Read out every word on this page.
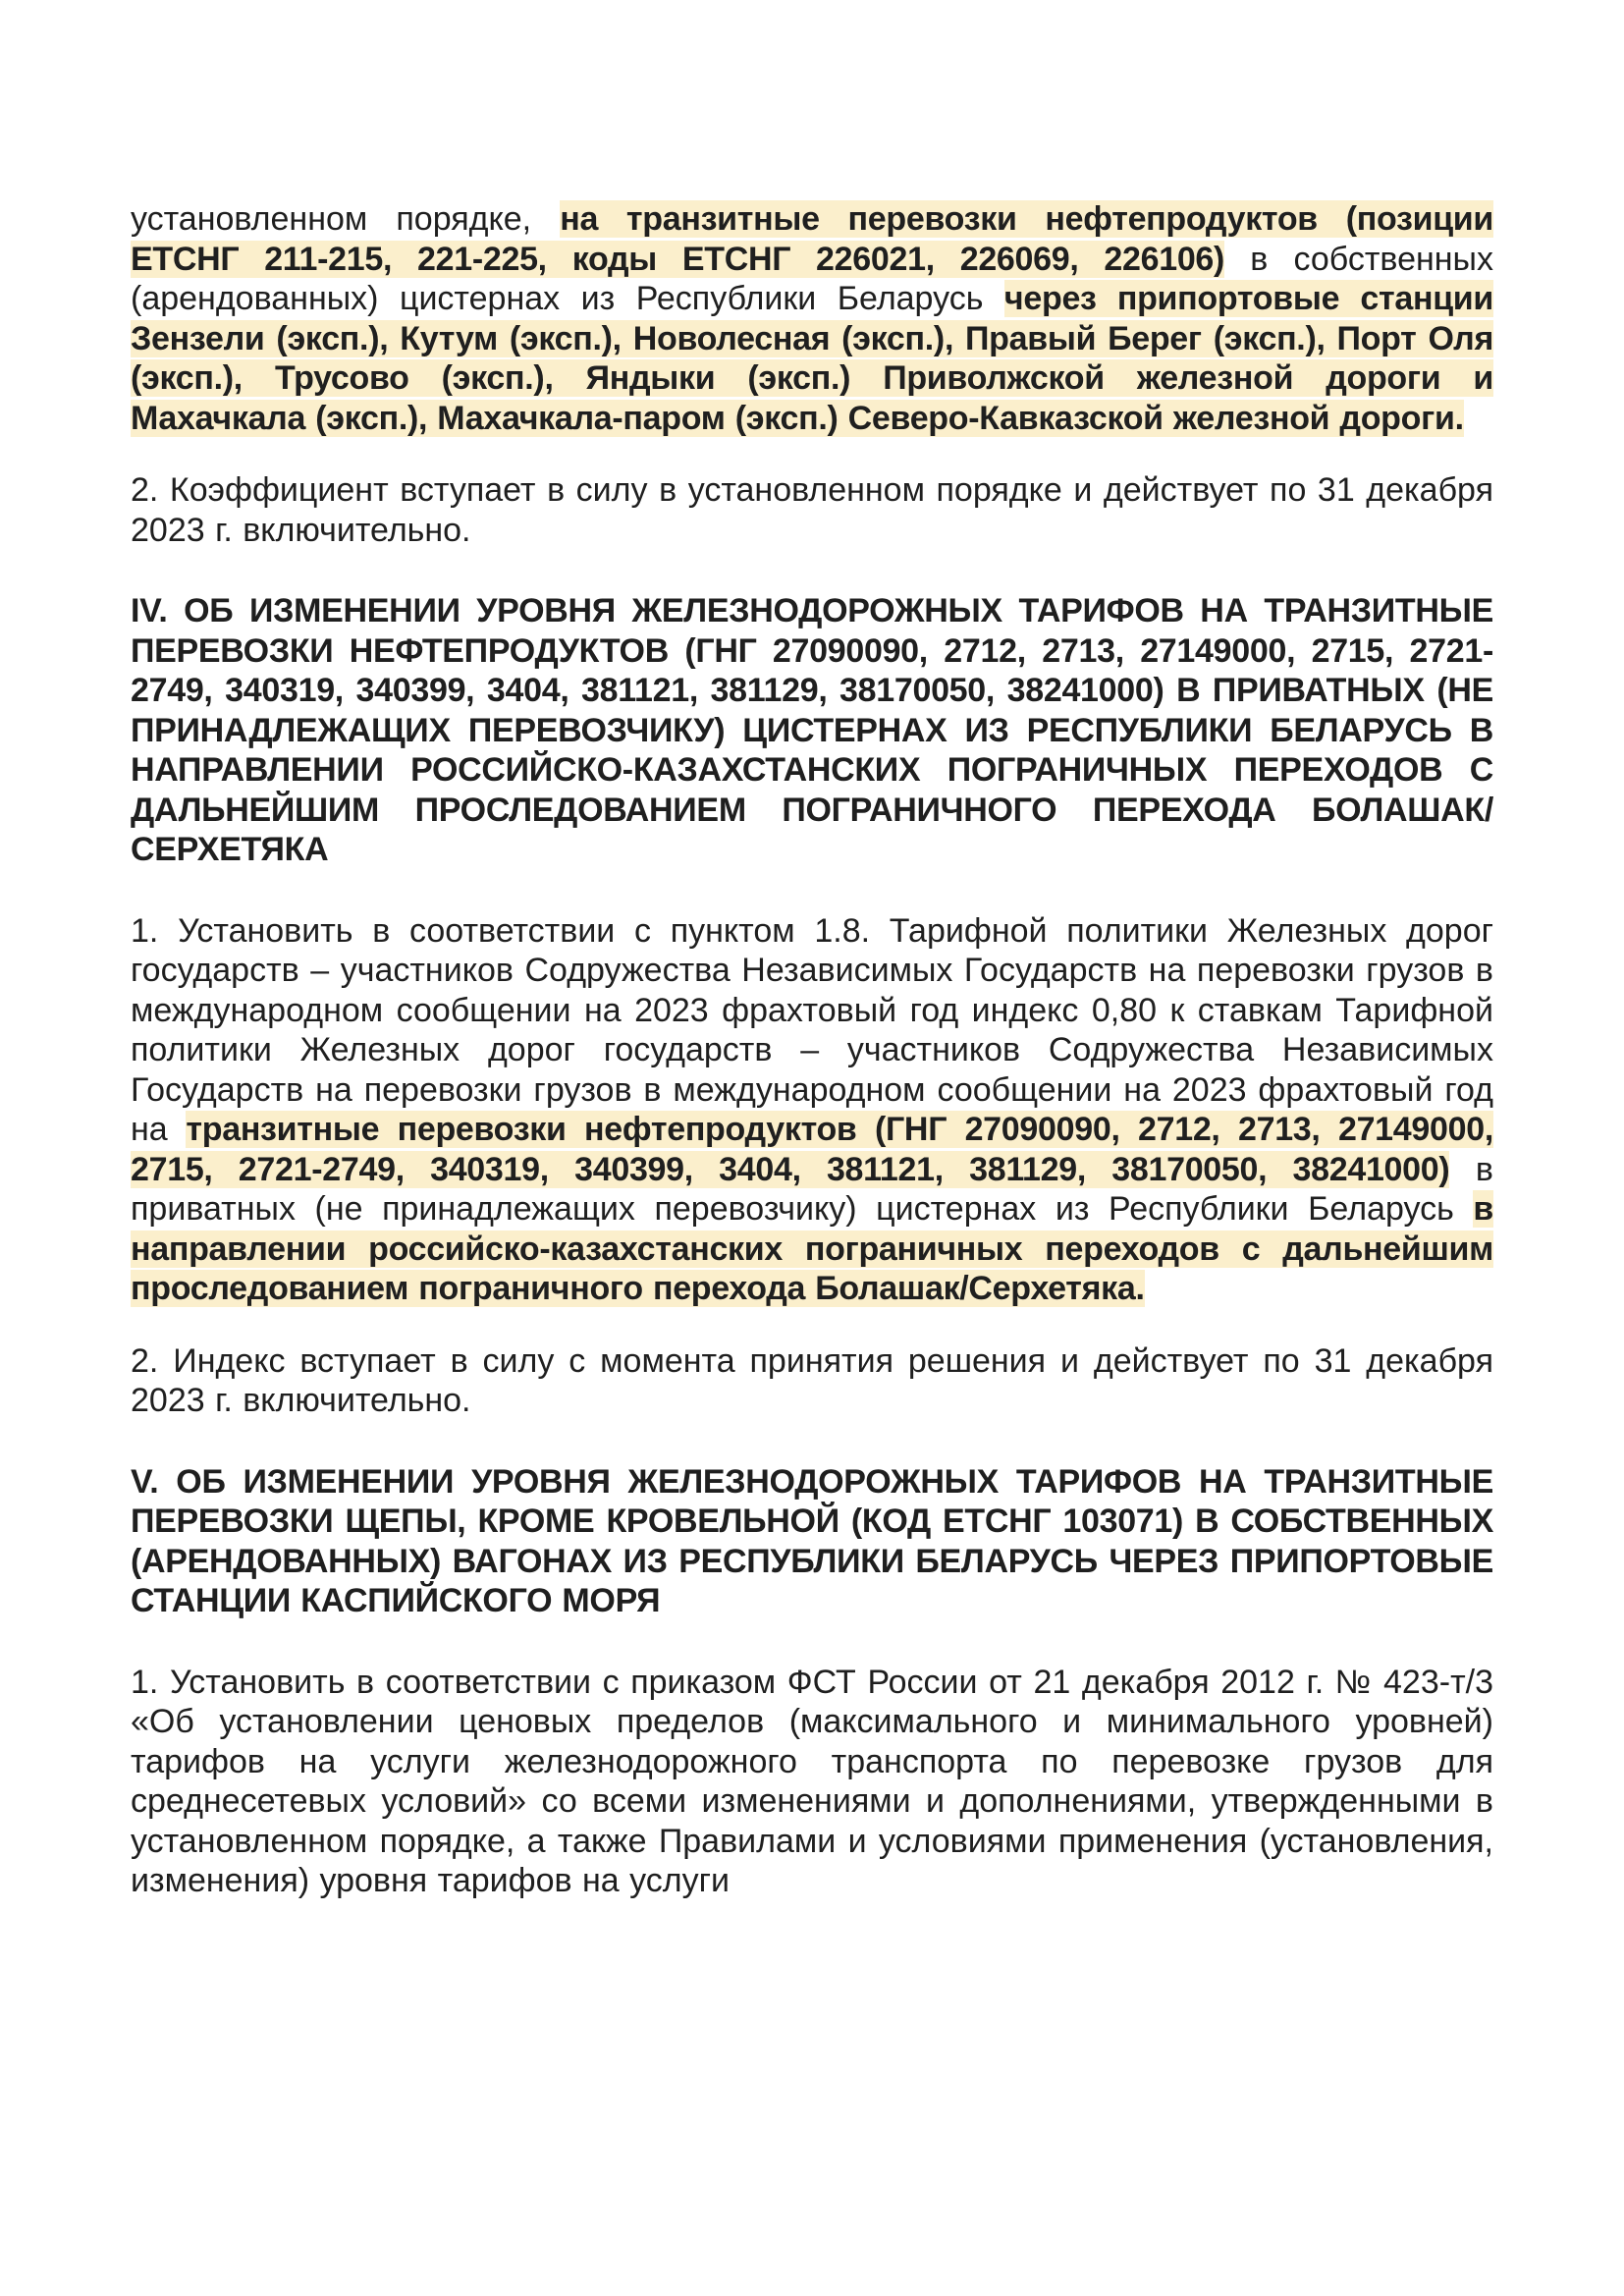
установленном порядке, на транзитные перевозки нефтепродуктов (позиции ЕТСНГ 211-215, 221-225, коды ЕТСНГ 226021, 226069, 226106) в собственных (арендованных) цистернах из Республики Беларусь через припортовые станции Зензели (эксп.), Кутум (эксп.), Новолесная (эксп.), Правый Берег (эксп.), Порт Оля (эксп.), Трусово (эксп.), Яндыки (эксп.) Приволжской железной дороги и Махачкала (эксп.), Махачкала-паром (эксп.) Северо-Кавказской железной дороги.

2. Коэффициент вступает в силу в установленном порядке и действует по 31 декабря 2023 г. включительно.

IV. ОБ ИЗМЕНЕНИИ УРОВНЯ ЖЕЛЕЗНОДОРОЖНЫХ ТАРИФОВ НА ТРАНЗИТНЫЕ ПЕРЕВОЗКИ НЕФТЕПРОДУКТОВ (ГНГ 27090090, 2712, 2713, 27149000, 2715, 2721-2749, 340319, 340399, 3404, 381121, 381129, 38170050, 38241000) В ПРИВАТНЫХ (НЕ ПРИНАДЛЕЖАЩИХ ПЕРЕВОЗЧИКУ) ЦИСТЕРНАХ ИЗ РЕСПУБЛИКИ БЕЛАРУСЬ В НАПРАВЛЕНИИ РОССИЙСКО-КАЗАХСТАНСКИХ ПОГРАНИЧНЫХ ПЕРЕХОДОВ С ДАЛЬНЕЙШИМ ПРОСЛЕДОВАНИЕМ ПОГРАНИЧНОГО ПЕРЕХОДА БОЛАШАК/СЕРХЕТЯКА

1. Установить в соответствии с пунктом 1.8. Тарифной политики Железных дорог государств – участников Содружества Независимых Государств на перевозки грузов в международном сообщении на 2023 фрахтовый год индекс 0,80 к ставкам Тарифной политики Железных дорог государств – участников Содружества Независимых Государств на перевозки грузов в международном сообщении на 2023 фрахтовый год на транзитные перевозки нефтепродуктов (ГНГ 27090090, 2712, 2713, 27149000, 2715, 2721-2749, 340319, 340399, 3404, 381121, 381129, 38170050, 38241000) в приватных (не принадлежащих перевозчику) цистернах из Республики Беларусь в направлении российско-казахстанских пограничных переходов с дальнейшим проследованием пограничного перехода Болашак/Серхетяка.

2. Индекс вступает в силу с момента принятия решения и действует по 31 декабря 2023 г. включительно.

V. ОБ ИЗМЕНЕНИИ УРОВНЯ ЖЕЛЕЗНОДОРОЖНЫХ ТАРИФОВ НА ТРАНЗИТНЫЕ ПЕРЕВОЗКИ ЩЕПЫ, КРОМЕ КРОВЕЛЬНОЙ (КОД ЕТСНГ 103071) В СОБСТВЕННЫХ (АРЕНДОВАННЫХ) ВАГОНАХ ИЗ РЕСПУБЛИКИ БЕЛАРУСЬ ЧЕРЕЗ ПРИПОРТОВЫЕ СТАНЦИИ КАСПИЙСКОГО МОРЯ

1. Установить в соответствии с приказом ФСТ России от 21 декабря 2012 г. № 423-т/3 «Об установлении ценовых пределов (максимального и минимального уровней) тарифов на услуги железнодорожного транспорта по перевозке грузов для среднесетевых условий» со всеми изменениями и дополнениями, утвержденными в установленном порядке, а также Правилами и условиями применения (установления, изменения) уровня тарифов на услуги
